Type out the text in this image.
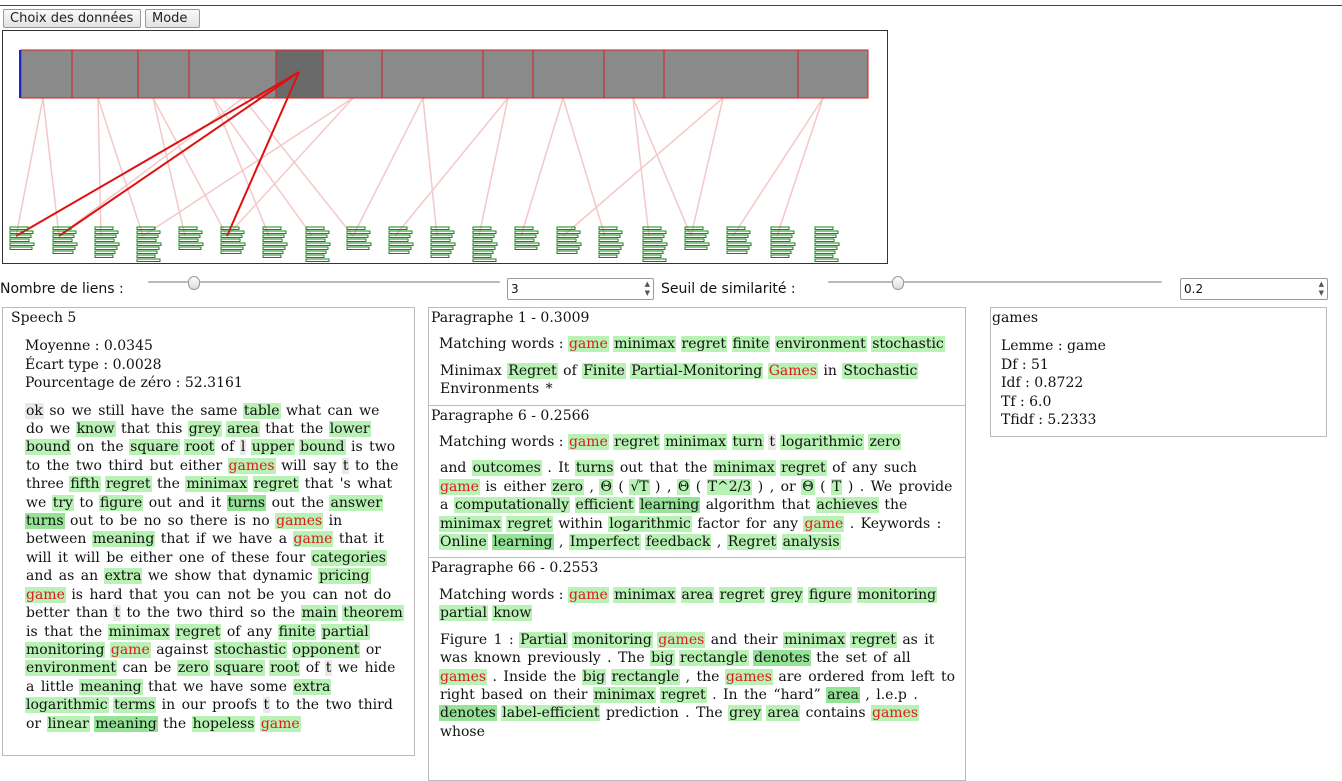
Choix des données	Mode
Nombre de liens :	3	▲
▼ Seuil de similarité :	0.2	▲
▼
Speech 5
Moyenne : 0.0345
Écart type : 0.0028
Pourcentage de zéro : 52.3161
ok so we still have the same table what can we do we know that this grey area that the lower bound on the square root of l upper bound is two to the two third but either games will say t to the three fifth regret the minimax regret that 's what we try to figure out and it turns out the answer turns out to be no so there is no games in between meaning that if we have a game that it will it will be either one of these four categories and as an extra we show that dynamic pricing game is hard that you can not be you can not do better than t to the two third so the main theorem is that the minimax regret of any finite partial monitoring game against stochastic opponent or environment can be zero square root of t we hide a little meaning that we have some extra logarithmic terms in our proofs t to the two third or linear meaning the hopeless game
Paragraphe 1 - 0.3009
Matching words : game minimax regret finite environment stochastic
Minimax Regret of Finite Partial-Monitoring Games in Stochastic Environments *
Paragraphe 6 - 0.2566
Matching words : game regret minimax turn t logarithmic zero
and outcomes . It turns out that the minimax regret of any such game is either zero , Θ ( √T ) , Θ ( T^2/3 ) , or Θ ( T ) . We provide a computationally efficient learning algorithm that achieves the minimax regret within logarithmic factor for any game . Keywords : Online learning , Imperfect feedback , Regret analysis
Paragraphe 66 - 0.2553
Matching words : game minimax area regret grey figure monitoring partial know
Figure 1 : Partial monitoring games and their minimax regret as it was known previously . The big rectangle denotes the set of all games . Inside the big rectangle , the games are ordered from left to right based on their minimax regret . In the “hard” area , l.e.p . denotes label-efficient prediction . The grey area contains games whose
games
Lemme : game
Df : 51
Idf : 0.8722
Tf : 6.0
Tfidf : 5.2333
